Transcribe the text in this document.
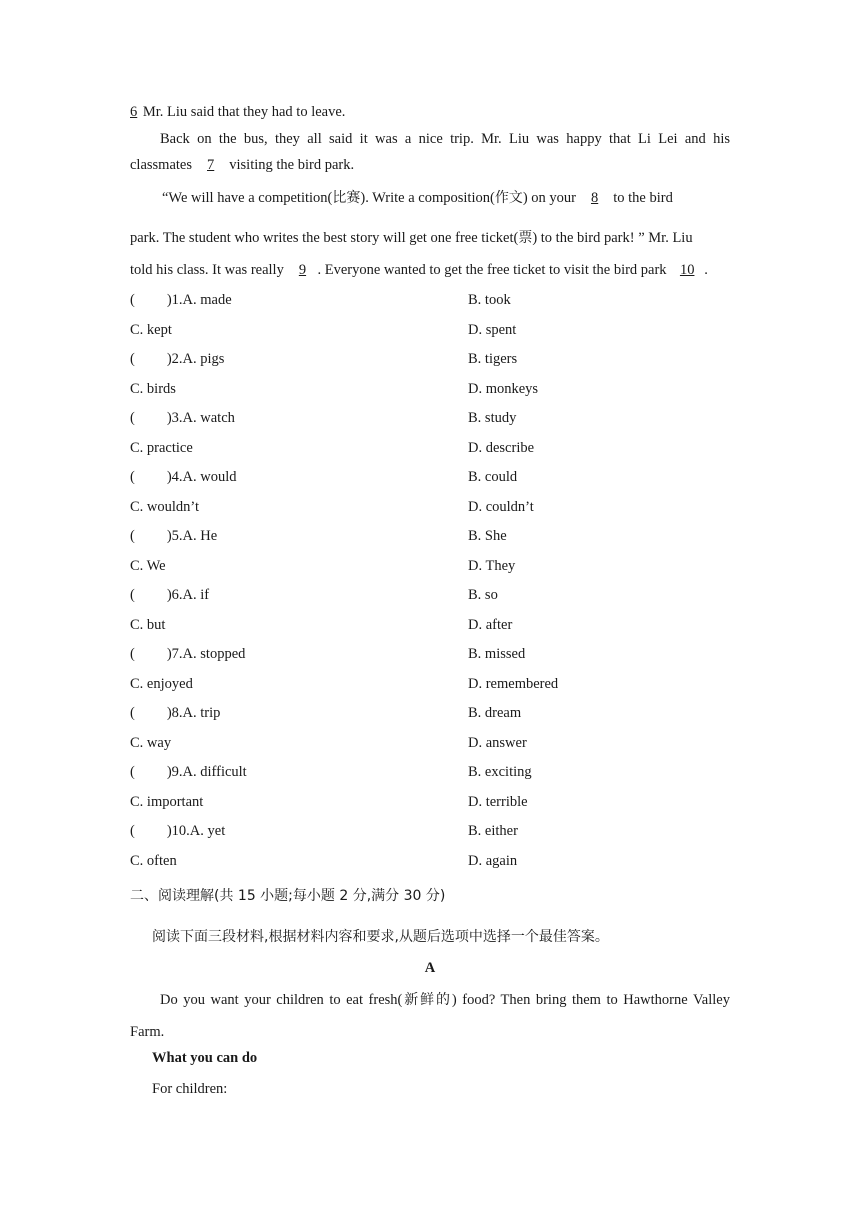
6 Mr. Liu said that they had to leave.
Back on the bus, they all said it was a nice trip. Mr. Liu was happy that Li Lei and his
classmates 7 visiting the bird park.
“We will have a competition(比赛). Write a composition(作文) on your 8 to the bird
park. The student who writes the best story will get one free ticket(票) to the bird park! ” Mr. Liu
told his class. It was really 9 . Everyone wanted to get the free ticket to visit the bird park 10 .
( )1.A. made	B. took
C. kept	D. spent
( )2.A. pigs	B. tigers
C. birds	D. monkeys
( )3.A. watch	B. study
C. practice	D. describe
( )4.A. would	B. could
C. wouldn’t	D. couldn’t
( )5.A. He	B. She
C. We	D. They
( )6.A. if	B. so
C. but	D. after
( )7.A. stopped	B. missed
C. enjoyed	D. remembered
( )8.A. trip	B. dream
C. way	D. answer
( )9.A. difficult	B. exciting
C. important	D. terrible
( )10.A. yet	B. either
C. often	D. again
二、阅读理解(共 15 小题;每小题 2 分,满分 30 分)
阅读下面三段材料,根据材料内容和要求,从题后选项中选择一个最佳答案。
A
Do you want your children to eat fresh(新鲜的) food? Then bring them to Hawthorne Valley
Farm.
What you can do
For children:
